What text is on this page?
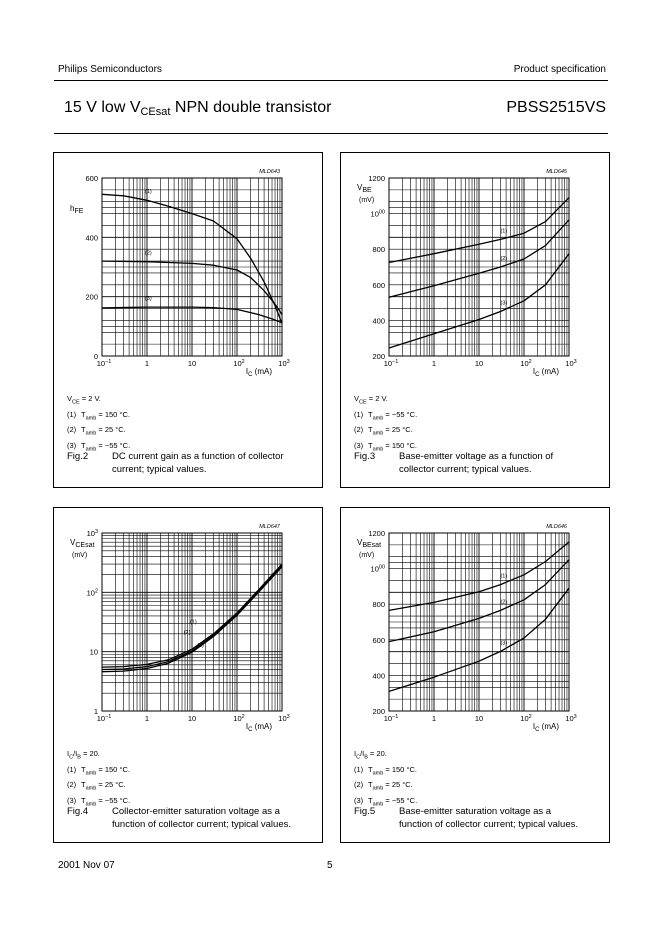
Philips Semiconductors	Product specification
15 V low $V_{CEsat}$ NPN double transistor	PBSS2515VS
0
200
400
600
$10^{-1}$	1	10	$10^2$	$10^3$
MLD643
hFE
$I_C$ (mA)
(1)
(2)
(3)
$V_{CE} = 2$ V.
(1) $T_{amb} = 150$ °C.
(2) $T_{amb} = 25$ °C.
(3) $T_{amb} = -55$ °C.
Fig.2	DC current gain as a function of collector
current; typical values.
200
400
600
800
$10^{00}$
1200
$10^{-1}$	1	10	$10^2$	$10^3$
MLD645
VBE
(mV)
$I_C$ (mA)
(1)
(2)
(3)
$V_{CE} = 2$ V.
(1) $T_{amb} = -55$ °C.
(2) $T_{amb} = 25$ °C.
(3) $T_{amb} = 150$ °C.
Fig.3	Base-emitter voltage as a function of
collector current; typical values.
1
10
$10^2$
$10^3$
$10^{-1}$	1	10	$10^2$	$10^3$
MLD647
VCEsat
(mV)
$I_C$ (mA)
(1)
(2)
(3)
$I_C/I_B = 20$.
(1) $T_{amb} = 150$ °C.
(2) $T_{amb} = 25$ °C.
(3) $T_{amb} = -55$ °C.
Fig.4	Collector-emitter saturation voltage as a
function of collector current; typical values.
200
400
600
800
$10^{00}$
1200
$10^{-1}$	1	10	$10^2$	$10^3$
MLD646
VBEsat
(mV)
$I_C$ (mA)
(1)
(2)
(3)
$I_C/I_B = 20$.
(1) $T_{amb} = 150$ °C.
(2) $T_{amb} = 25$ °C.
(3) $T_{amb} = -55$ °C.
Fig.5	Base-emitter saturation voltage as a
function of collector current; typical values.
2001 Nov 07	5
